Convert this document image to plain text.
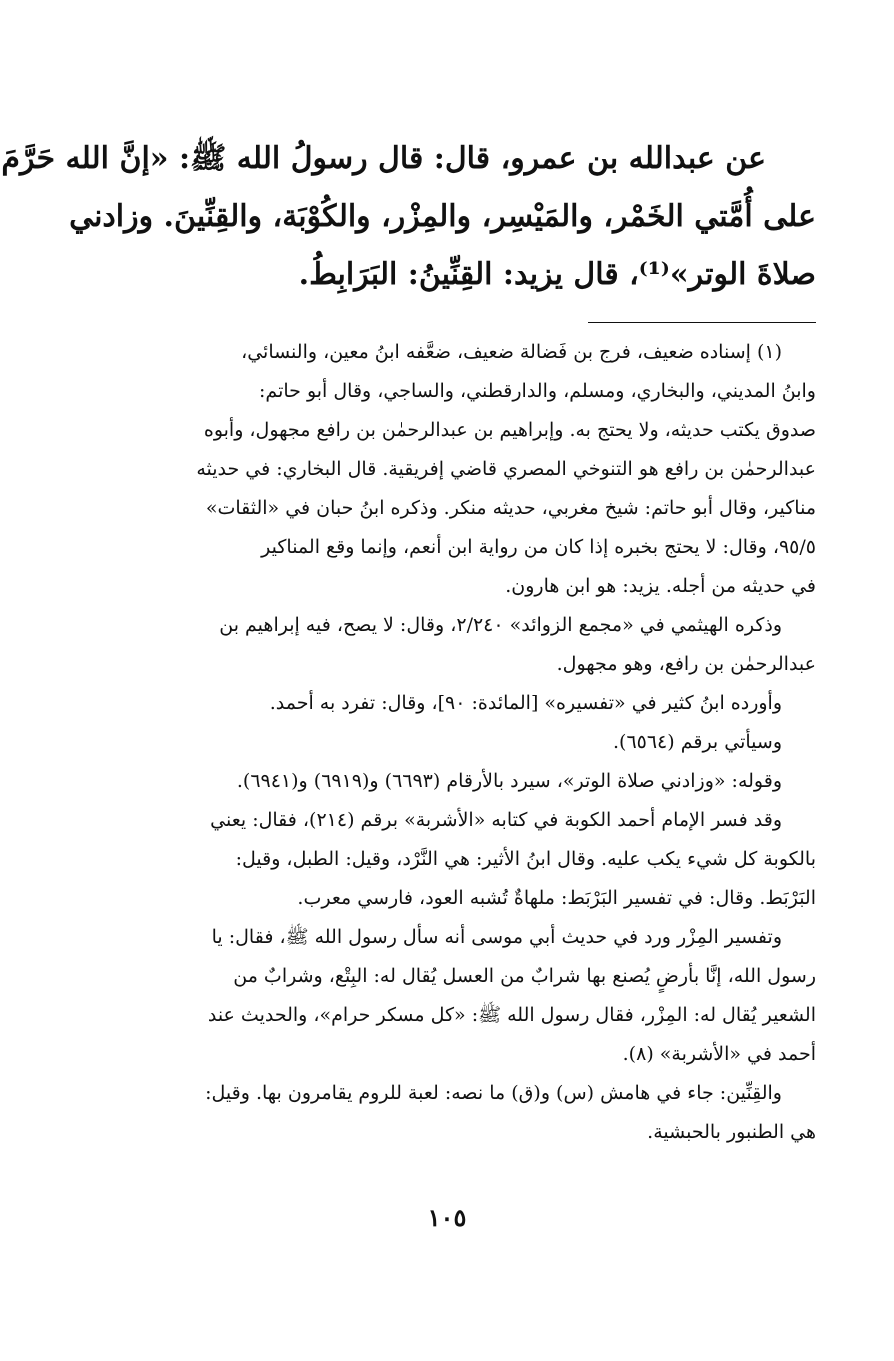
عن عبدالله بن عمرو، قال: قال رسولُ الله ﷺ: «إنَّ الله حَرَّمَ
على أُمَّتي الخَمْر، والمَيْسِر، والمِزْر، والكُوْبَة، والقِنِّينَ. وزادني
صلاةَ الوتر»⁽¹⁾، قال يزيد: القِنِّينُ: البَرَابِطُ.
(١) إسناده ضعيف، فرج بن فَضالة ضعيف، ضعَّفه ابنُ معين، والنسائي،
وابنُ المديني، والبخاري، ومسلم، والدارقطني، والساجي، وقال أبو حاتم:
صدوق يكتب حديثه، ولا يحتج به. وإبراهيم بن عبدالرحمٰن بن رافع مجهول، وأبوه
عبدالرحمٰن بن رافع هو التنوخي المصري قاضي إفريقية. قال البخاري: في حديثه
مناكير، وقال أبو حاتم: شيخ مغربي، حديثه منكر. وذكره ابنُ حبان في «الثقات»
٩٥/٥، وقال: لا يحتج بخبره إذا كان من رواية ابن أنعم، وإنما وقع المناكير
في حديثه من أجله. يزيد: هو ابن هارون.
وذكره الهيثمي في «مجمع الزوائد» ٢/٢٤٠، وقال: لا يصح، فيه إبراهيم بن
عبدالرحمٰن بن رافع، وهو مجهول.
وأورده ابنُ كثير في «تفسيره» [المائدة: ٩٠]، وقال: تفرد به أحمد.
وسيأتي برقم (٦٥٦٤).
وقوله: «وزادني صلاة الوتر»، سيرد بالأرقام (٦٦٩٣) و(٦٩١٩) و(٦٩٤١).
وقد فسر الإمام أحمد الكوبة في كتابه «الأشربة» برقم (٢١٤)، فقال: يعني
بالكوبة كل شيء يكب عليه. وقال ابنُ الأثير: هي النَّرْد، وقيل: الطبل، وقيل:
البَرْبَط. وقال: في تفسير البَرْبَط: ملهاةٌ تُشبه العود، فارسي معرب.
وتفسير المِزْر ورد في حديث أبي موسى أنه سأل رسول الله ﷺ، فقال: يا
رسول الله، إنَّا بأرضٍ يُصنع بها شرابٌ من العسل يُقال له: البِتْع، وشرابٌ من
الشعير يُقال له: المِزْر، فقال رسول الله ﷺ: «كل مسكر حرام»، والحديث عند
أحمد في «الأشربة» (٨).
والقِنِّين: جاء في هامش (س) و(ق) ما نصه: لعبة للروم يقامرون بها. وقيل:
هي الطنبور بالحبشية.
١٠٥
